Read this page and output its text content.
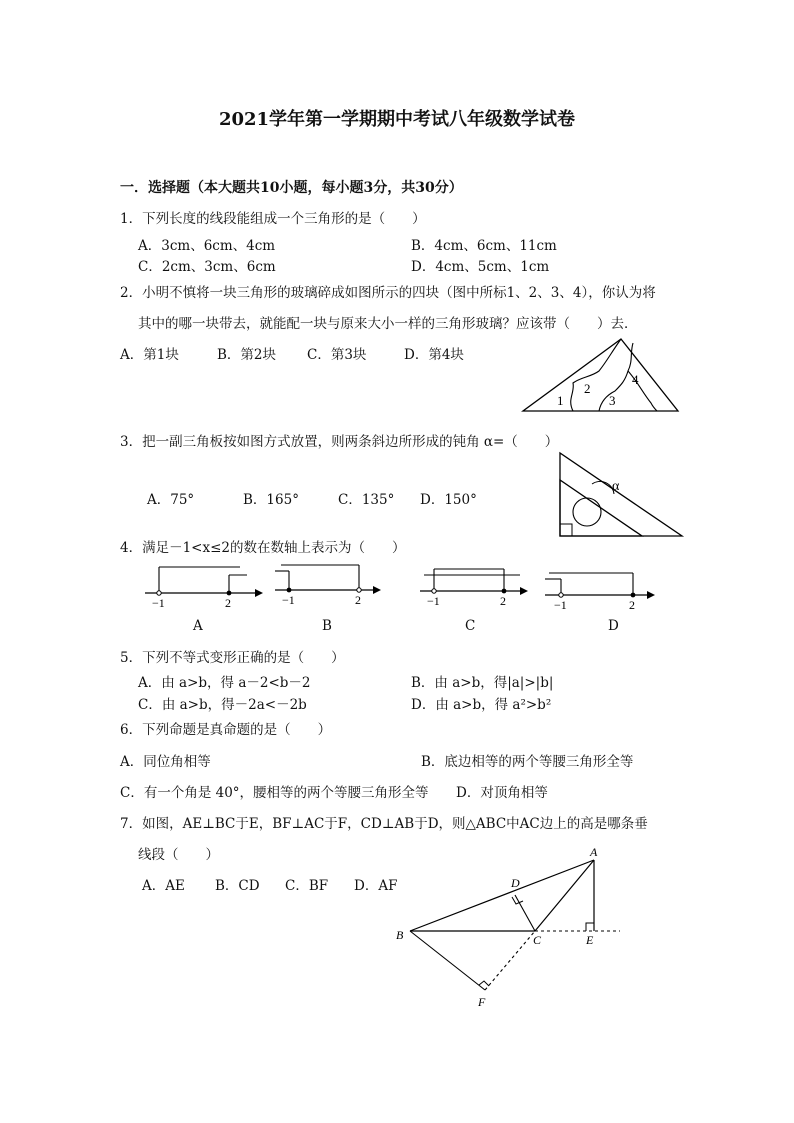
2021学年第一学期期中考试八年级数学试卷
一．选择题（本大题共10小题，每小题3分，共30分）
1．下列长度的线段能组成一个三角形的是（　　）
A．3cm、6cm、4cm	B．4cm、6cm、11cm
C．2cm、3cm、6cm	D．4cm、5cm、1cm
2．小明不慎将一块三角形的玻璃碎成如图所示的四块（图中所标1、2、3、4），你认为将
其中的哪一块带去，就能配一块与原来大小一样的三角形玻璃？应该带（　　）去．
A．第1块	B．第2块 C．第3块	D．第4块
1
2
3
4
3．把一副三角板按如图方式放置，则两条斜边所形成的钝角 α=（　　）
A．75°	B．165°	C．135° D．150°
α
4．满足－1<x≤2的数在数轴上表示为（　　）
−1	2
A
−1	2
B
−1	2
C
−1	2
D
5．下列不等式变形正确的是（　　）
A．由 a>b，得 a－2<b－2	B．由 a>b，得|a|>|b|
C．由 a>b，得－2a<－2b	D．由 a>b，得 a²>b²
6．下列命题是真命题的是（　　）
A．同位角相等	B．底边相等的两个等腰三角形全等
C．有一个角是 40°，腰相等的两个等腰三角形全等 D．对顶角相等
7．如图，AE⊥BC于E，BF⊥AC于F，CD⊥AB于D，则△ABC中AC边上的高是哪条垂
线段（　　）
A．AE B．CD C．BF D．AF
A
B	C
D
E
F
